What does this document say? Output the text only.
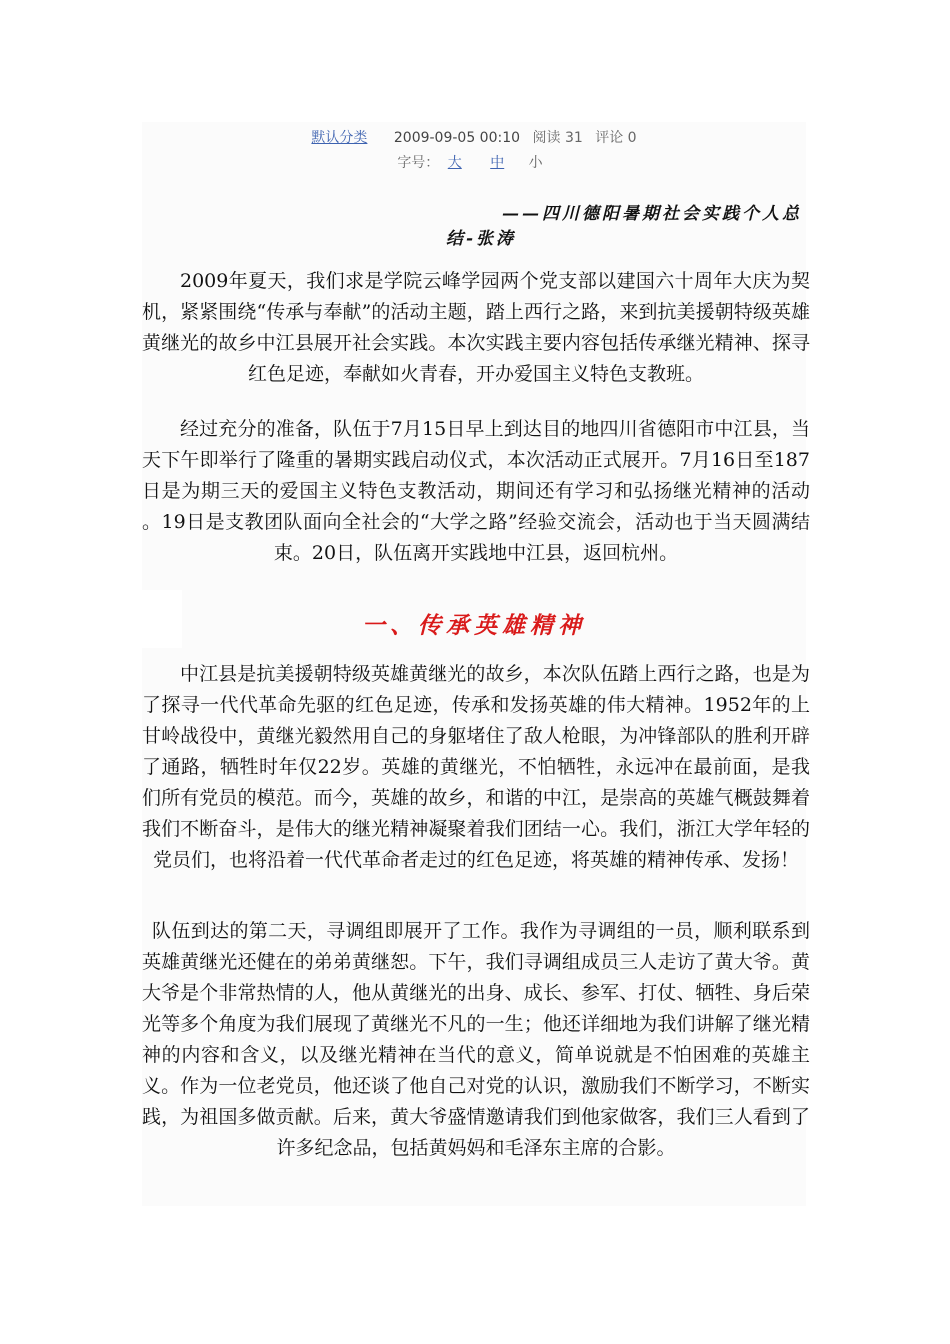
默认分类 2009-09-05 00:10 阅读 31 评论 0
字号： 大 中 小
——四川德阳暑期社会实践个人总
结-张涛
2009年夏天，我们求是学院云峰学园两个党支部以建国六十周年大庆为契机，紧紧围绕“传承与奉献”的活动主题，踏上西行之路，来到抗美援朝特级英雄黄继光的故乡中江县展开社会实践。本次实践主要内容包括传承继光精神、探寻红色足迹，奉献如火青春，开办爱国主义特色支教班。
经过充分的准备，队伍于7月15日早上到达目的地四川省德阳市中江县，当天下午即举行了隆重的暑期实践启动仪式，本次活动正式展开。7月16日至187日是为期三天的爱国主义特色支教活动，期间还有学习和弘扬继光精神的活动 。19日是支教团队面向全社会的“大学之路”经验交流会，活动也于当天圆满结束。20日，队伍离开实践地中江县，返回杭州。
一、传承英雄精神
中江县是抗美援朝特级英雄黄继光的故乡，本次队伍踏上西行之路，也是为了探寻一代代革命先驱的红色足迹，传承和发扬英雄的伟大精神。1952年的上甘岭战役中，黄继光毅然用自己的身躯堵住了敌人枪眼，为冲锋部队的胜利开辟了通路，牺牲时年仅22岁。英雄的黄继光，不怕牺牲，永远冲在最前面，是我们所有党员的模范。而今，英雄的故乡，和谐的中江，是崇高的英雄气概鼓舞着我们不断奋斗，是伟大的继光精神凝聚着我们团结一心。我们，浙江大学年轻的党员们，也将沿着一代代革命者走过的红色足迹，将英雄的精神传承、发扬！
队伍到达的第二天，寻调组即展开了工作。我作为寻调组的一员，顺利联系到英雄黄继光还健在的弟弟黄继恕。下午，我们寻调组成员三人走访了黄大爷。黄大爷是个非常热情的人，他从黄继光的出身、成长、参军、打仗、牺牲、身后荣光等多个角度为我们展现了黄继光不凡的一生；他还详细地为我们讲解了继光精神的内容和含义，以及继光精神在当代的意义，简单说就是不怕困难的英雄主义。作为一位老党员，他还谈了他自己对党的认识，激励我们不断学习，不断实践，为祖国多做贡献。后来，黄大爷盛情邀请我们到他家做客，我们三人看到了许多纪念品，包括黄妈妈和毛泽东主席的合影。
